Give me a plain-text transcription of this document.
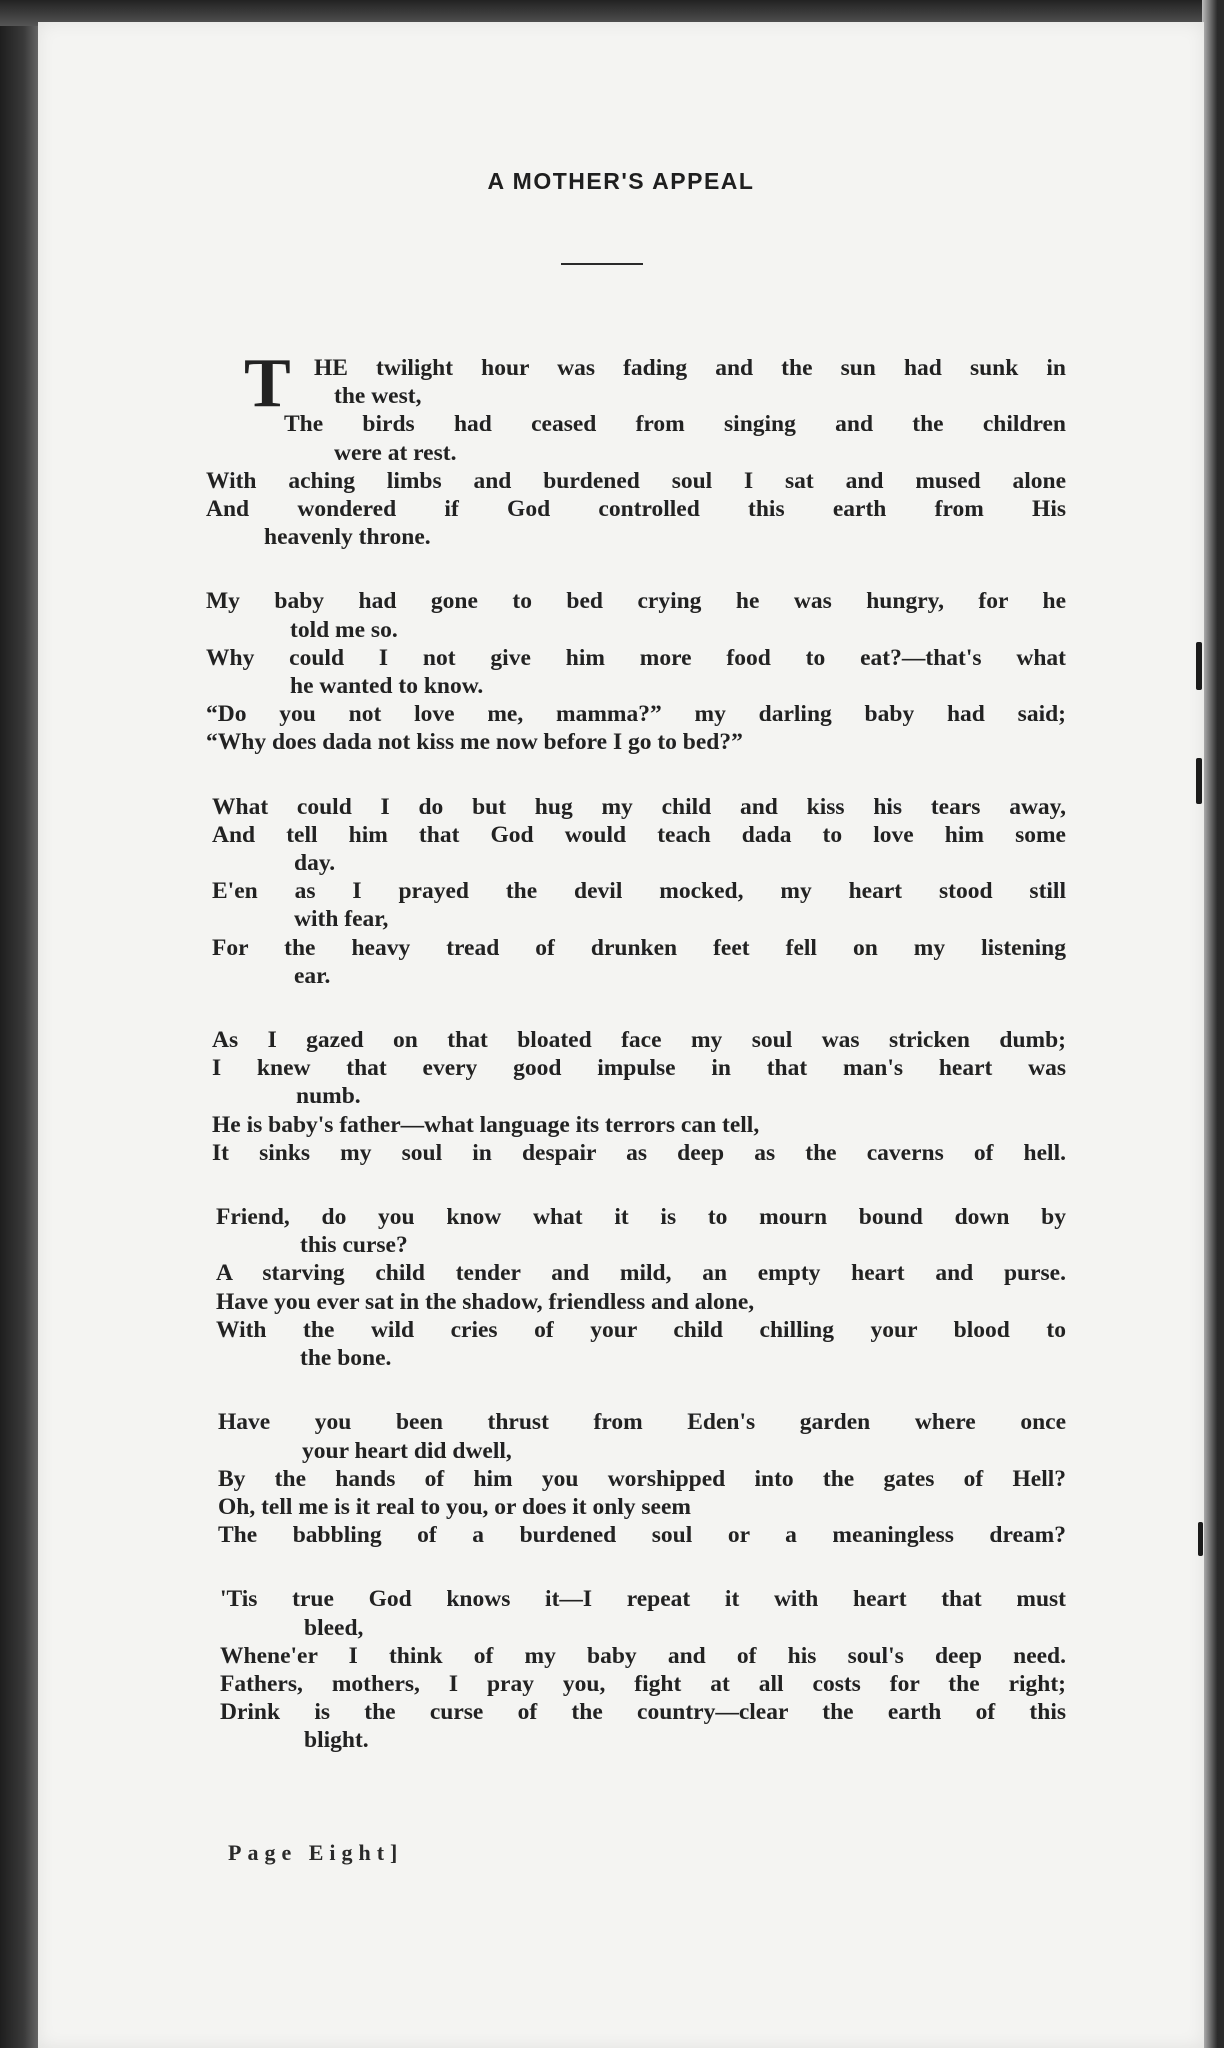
A MOTHER'S APPEAL
T HE twilight hour was fading and the sun had sunk in
the west,
The birds had ceased from singing and the children
were at rest.
With aching limbs and burdened soul I sat and mused alone
And wondered if God controlled this earth from His
heavenly throne.
My baby had gone to bed crying he was hungry, for he
told me so.
Why could I not give him more food to eat?—that's what
he wanted to know.
“Do you not love me, mamma?” my darling baby had said;
“Why does dada not kiss me now before I go to bed?”
What could I do but hug my child and kiss his tears away,
And tell him that God would teach dada to love him some
day.
E'en as I prayed the devil mocked, my heart stood still
with fear,
For the heavy tread of drunken feet fell on my listening
ear.
As I gazed on that bloated face my soul was stricken dumb;
I knew that every good impulse in that man's heart was
numb.
He is baby's father—what language its terrors can tell,
It sinks my soul in despair as deep as the caverns of hell.
Friend, do you know what it is to mourn bound down by
this curse?
A starving child tender and mild, an empty heart and purse.
Have you ever sat in the shadow, friendless and alone,
With the wild cries of your child chilling your blood to
the bone.
Have you been thrust from Eden's garden where once
your heart did dwell,
By the hands of him you worshipped into the gates of Hell?
Oh, tell me is it real to you, or does it only seem
The babbling of a burdened soul or a meaningless dream?
'Tis true God knows it—I repeat it with heart that must
bleed,
Whene'er I think of my baby and of his soul's deep need.
Fathers, mothers, I pray you, fight at all costs for the right;
Drink is the curse of the country—clear the earth of this
blight.
Page Eight]
